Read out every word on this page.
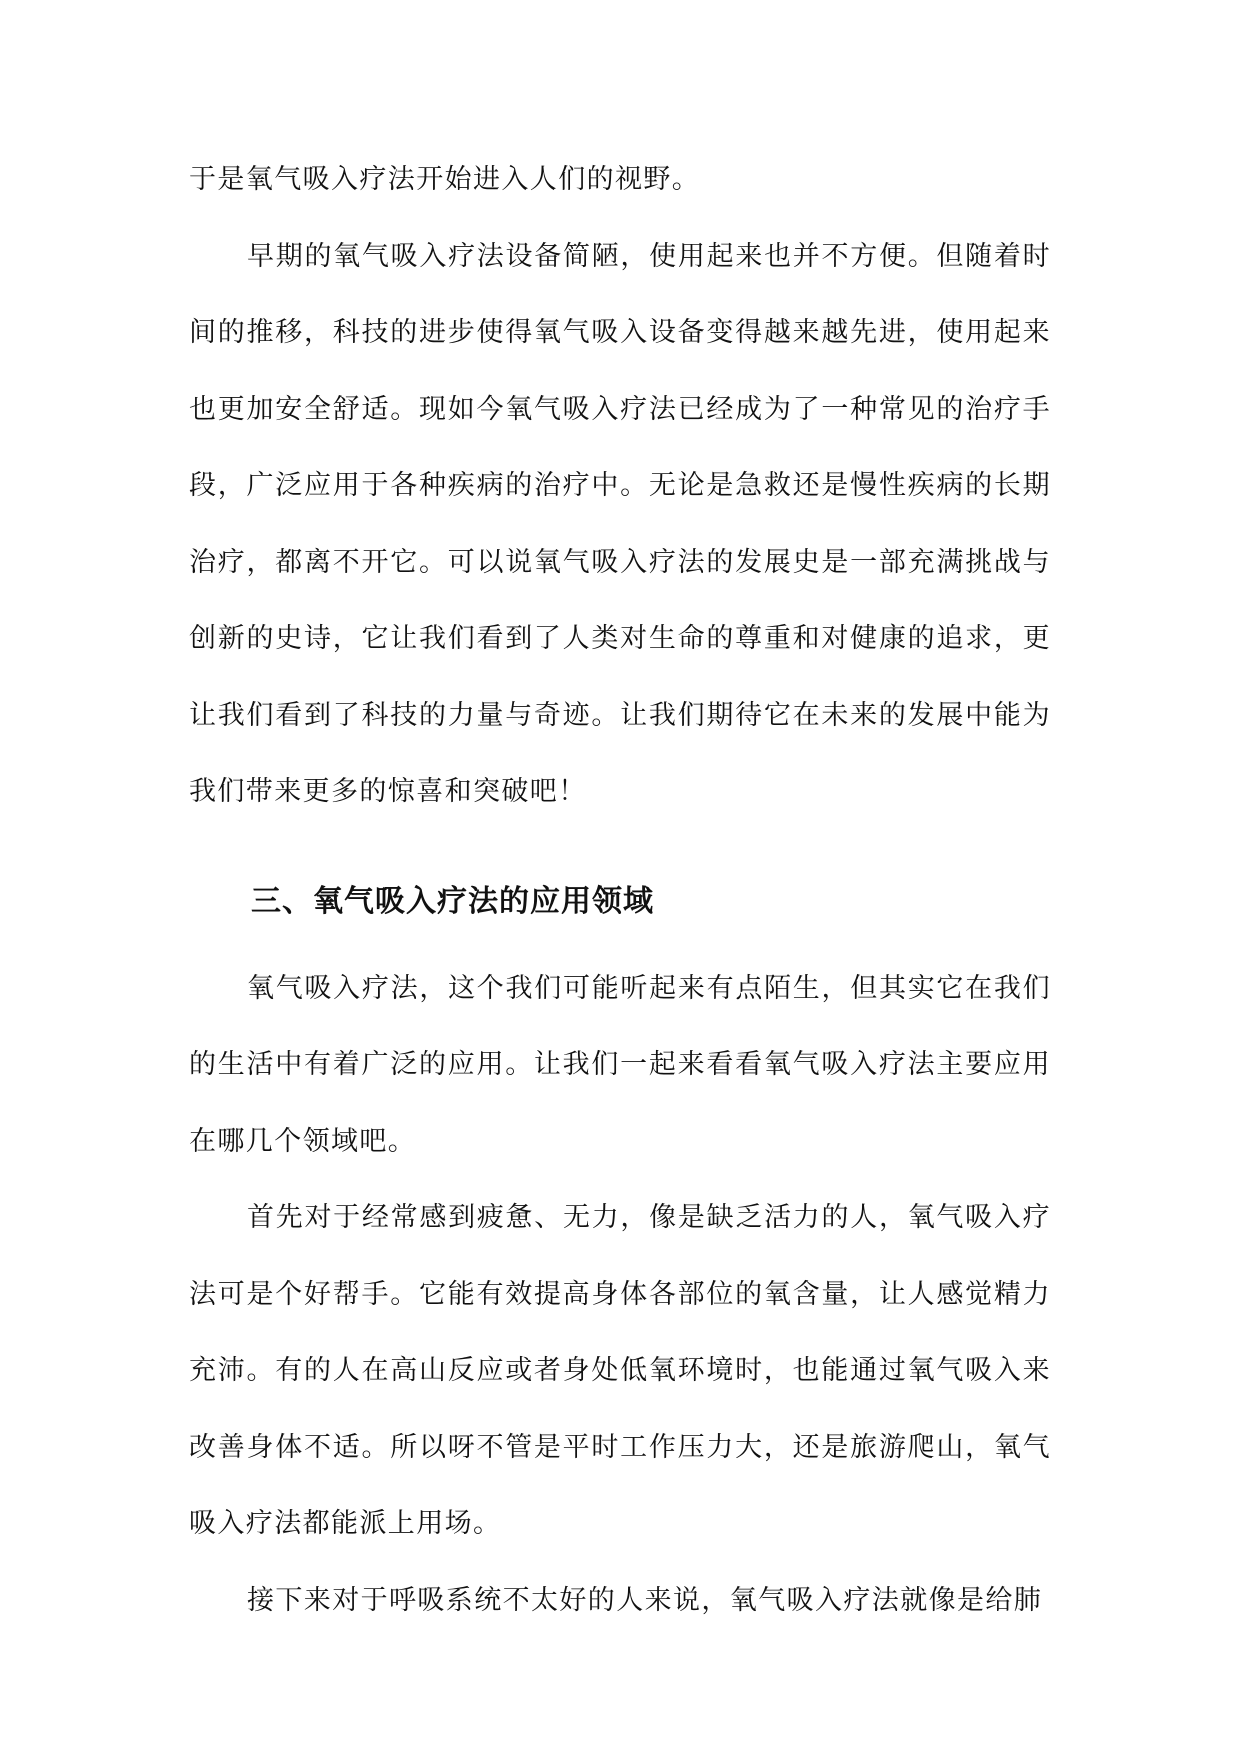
于是氧气吸入疗法开始进入人们的视野。

早期的氧气吸入疗法设备简陋，使用起来也并不方便。但随着时间的推移，科技的进步使得氧气吸入设备变得越来越先进，使用起来也更加安全舒适。现如今氧气吸入疗法已经成为了一种常见的治疗手段，广泛应用于各种疾病的治疗中。无论是急救还是慢性疾病的长期治疗，都离不开它。可以说氧气吸入疗法的发展史是一部充满挑战与创新的史诗，它让我们看到了人类对生命的尊重和对健康的追求，更让我们看到了科技的力量与奇迹。让我们期待它在未来的发展中能为我们带来更多的惊喜和突破吧！

三、氧气吸入疗法的应用领域

氧气吸入疗法，这个我们可能听起来有点陌生，但其实它在我们的生活中有着广泛的应用。让我们一起来看看氧气吸入疗法主要应用在哪几个领域吧。

首先对于经常感到疲惫、无力，像是缺乏活力的人，氧气吸入疗法可是个好帮手。它能有效提高身体各部位的氧含量，让人感觉精力充沛。有的人在高山反应或者身处低氧环境时，也能通过氧气吸入来改善身体不适。所以呀不管是平时工作压力大，还是旅游爬山，氧气吸入疗法都能派上用场。

接下来对于呼吸系统不太好的人来说，氧气吸入疗法就像是给肺
